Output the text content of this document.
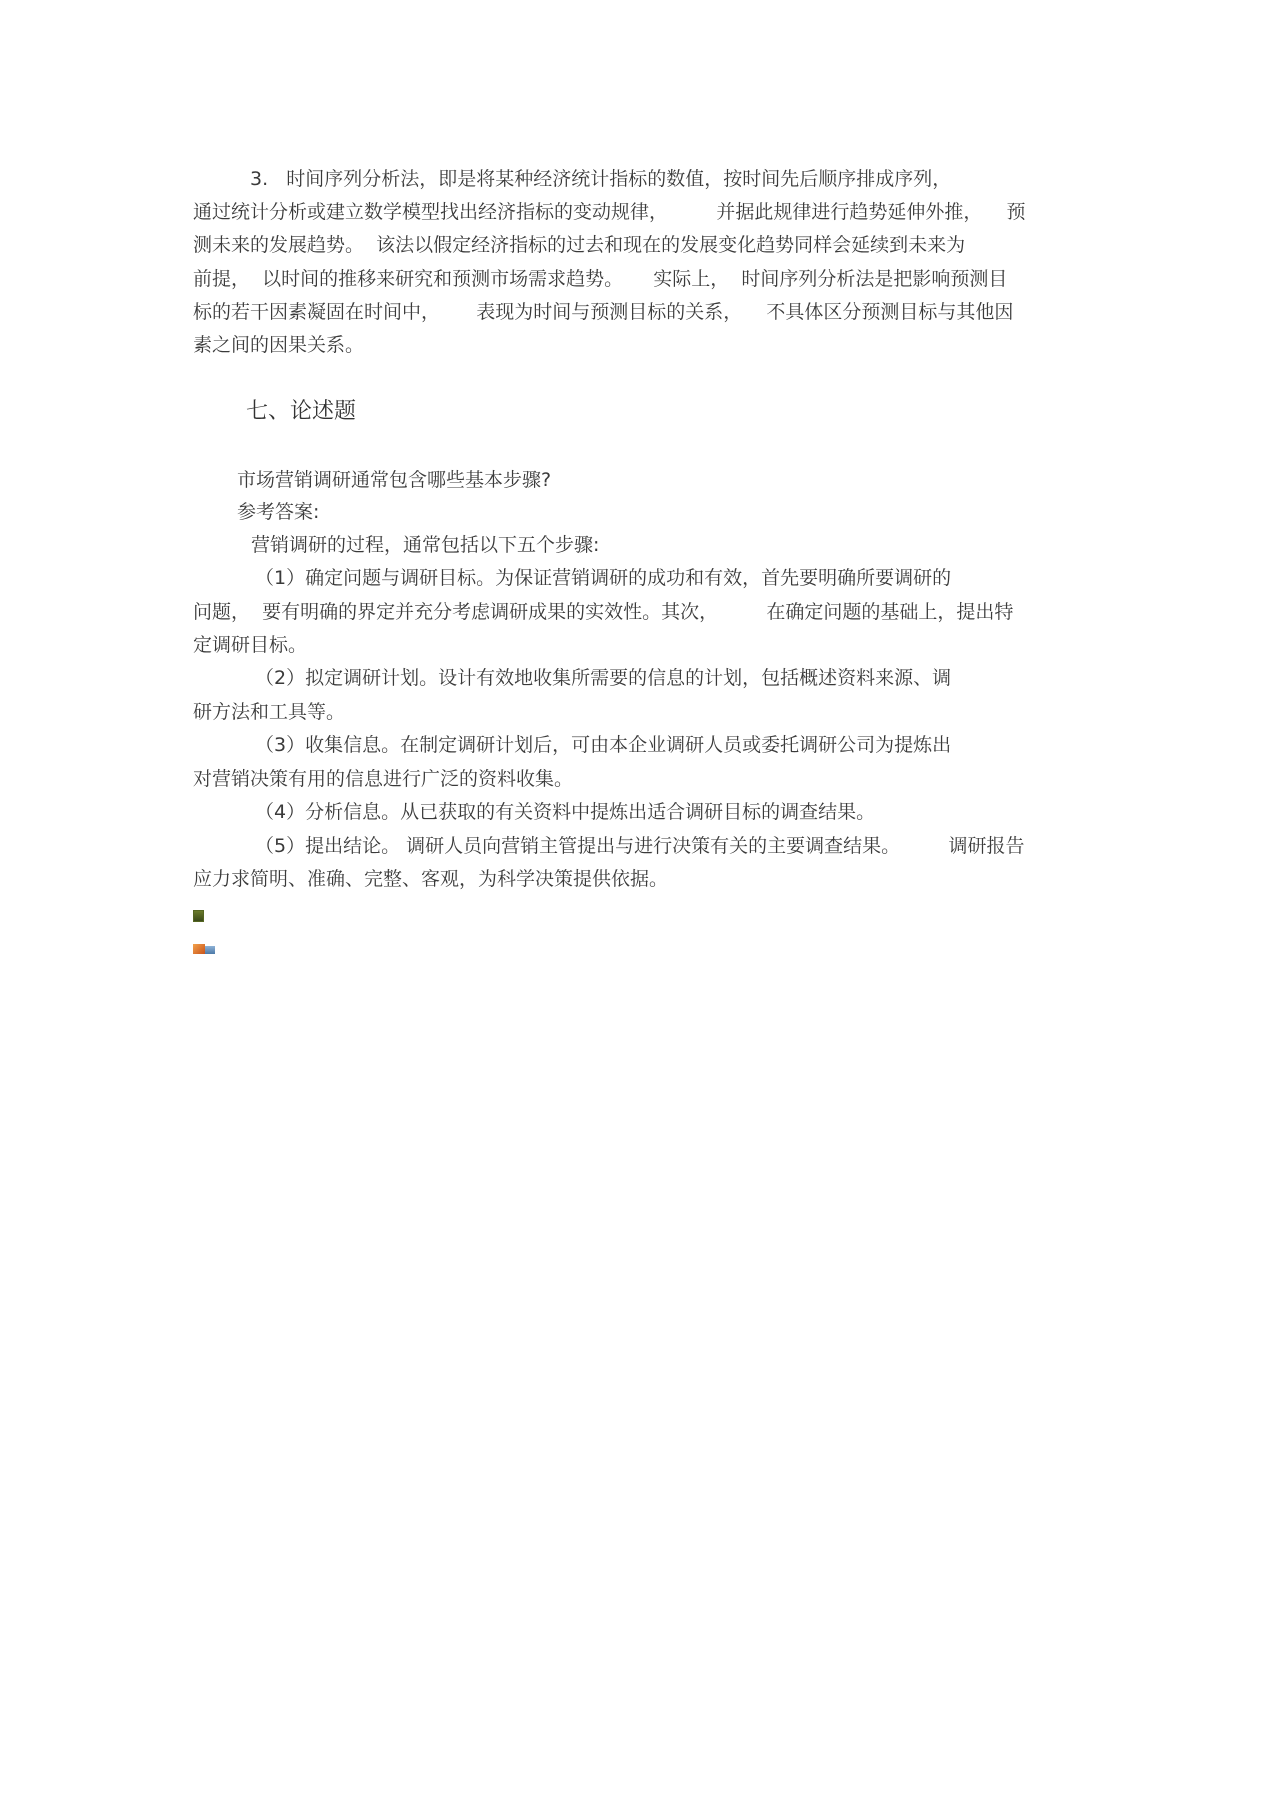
3.   时间序列分析法，即是将某种经济统计指标的数值，按时间先后顺序排成序列，
通过统计分析或建立数学模型找出经济指标的变动规律，        并据此规律进行趋势延伸外推，    预
测未来的发展趋势。  该法以假定经济指标的过去和现在的发展变化趋势同样会延续到未来为
前提，  以时间的推移来研究和预测市场需求趋势。     实际上，  时间序列分析法是把影响预测目
标的若干因素凝固在时间中，      表现为时间与预测目标的关系，    不具体区分预测目标与其他因
素之间的因果关系。
七、论述题
市场营销调研通常包含哪些基本步骤?
参考答案:
营销调研的过程，通常包括以下五个步骤:
（1）确定问题与调研目标。为保证营销调研的成功和有效，首先要明确所要调研的
问题，  要有明确的界定并充分考虑调研成果的实效性。其次，        在确定问题的基础上，提出特
定调研目标。
（2）拟定调研计划。设计有效地收集所需要的信息的计划，包括概述资料来源、调
研方法和工具等。
（3）收集信息。在制定调研计划后，可由本企业调研人员或委托调研公司为提炼出
对营销决策有用的信息进行广泛的资料收集。
（4）分析信息。从已获取的有关资料中提炼出适合调研目标的调查结果。
（5）提出结论。 调研人员向营销主管提出与进行决策有关的主要调查结果。        调研报告
应力求简明、准确、完整、客观，为科学决策提供依据。
